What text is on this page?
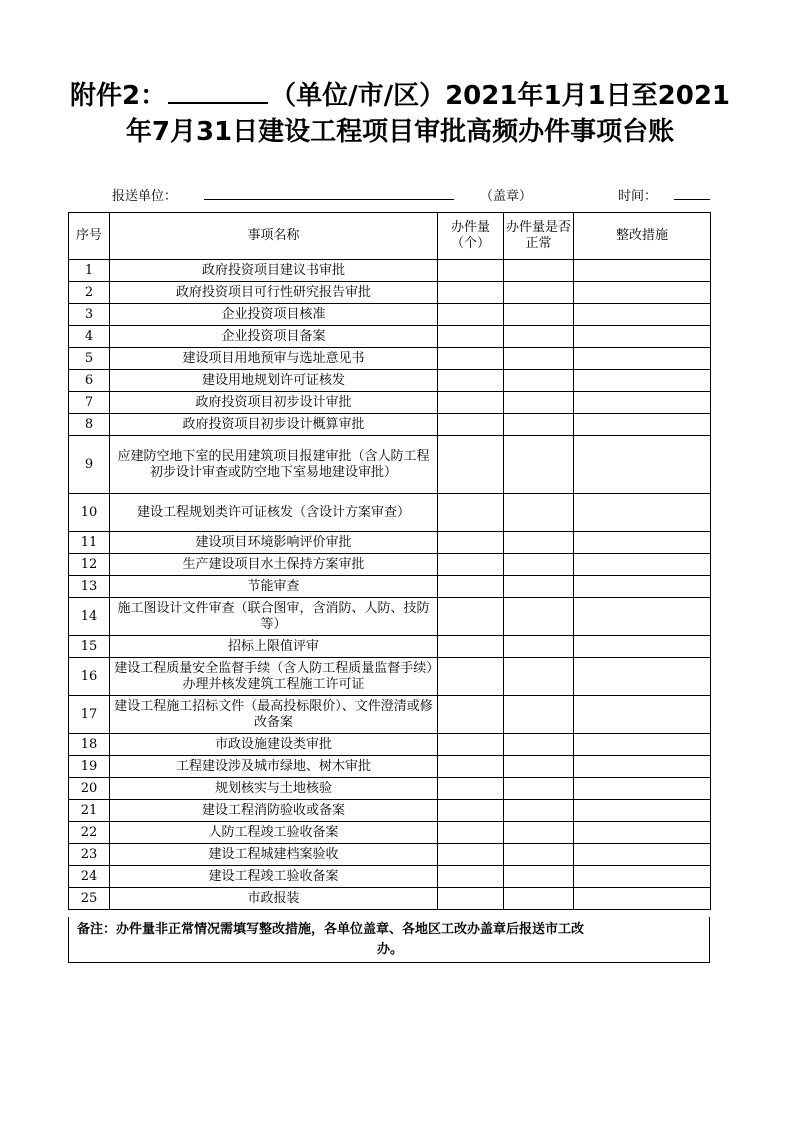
附件2：	（单位/市/区）2021年1月1日至2021
年7月31日建设工程项目审批高频办件事项台账
报送单位：	（盖章）	时间：
序号	事项名称	办件量（个）	办件量是否正常	整改措施
1	政府投资项目建议书审批			
2	政府投资项目可行性研究报告审批			
3	企业投资项目核准			
4	企业投资项目备案			
5	建设项目用地预审与选址意见书			
6	建设用地规划许可证核发			
7	政府投资项目初步设计审批			
8	政府投资项目初步设计概算审批			
9	应建防空地下室的民用建筑项目报建审批（含人防工程初步设计审查或防空地下室易地建设审批）			
10	建设工程规划类许可证核发（含设计方案审查）			
11	建设项目环境影响评价审批			
12	生产建设项目水土保持方案审批			
13	节能审查			
14	施工图设计文件审查（联合图审，含消防、人防、技防等）			
15	招标上限值评审			
16	建设工程质量安全监督手续（含人防工程质量监督手续）办理并核发建筑工程施工许可证			
17	建设工程施工招标文件（最高投标限价）、文件澄清或修改备案			
18	市政设施建设类审批			
19	工程建设涉及城市绿地、树木审批			
20	规划核实与土地核验			
21	建设工程消防验收或备案			
22	人防工程竣工验收备案			
23	建设工程城建档案验收			
24	建设工程竣工验收备案			
25	市政报装			
备注：办件量非正常情况需填写整改措施，各单位盖章、各地区工改办盖章后报送市工改
办。
